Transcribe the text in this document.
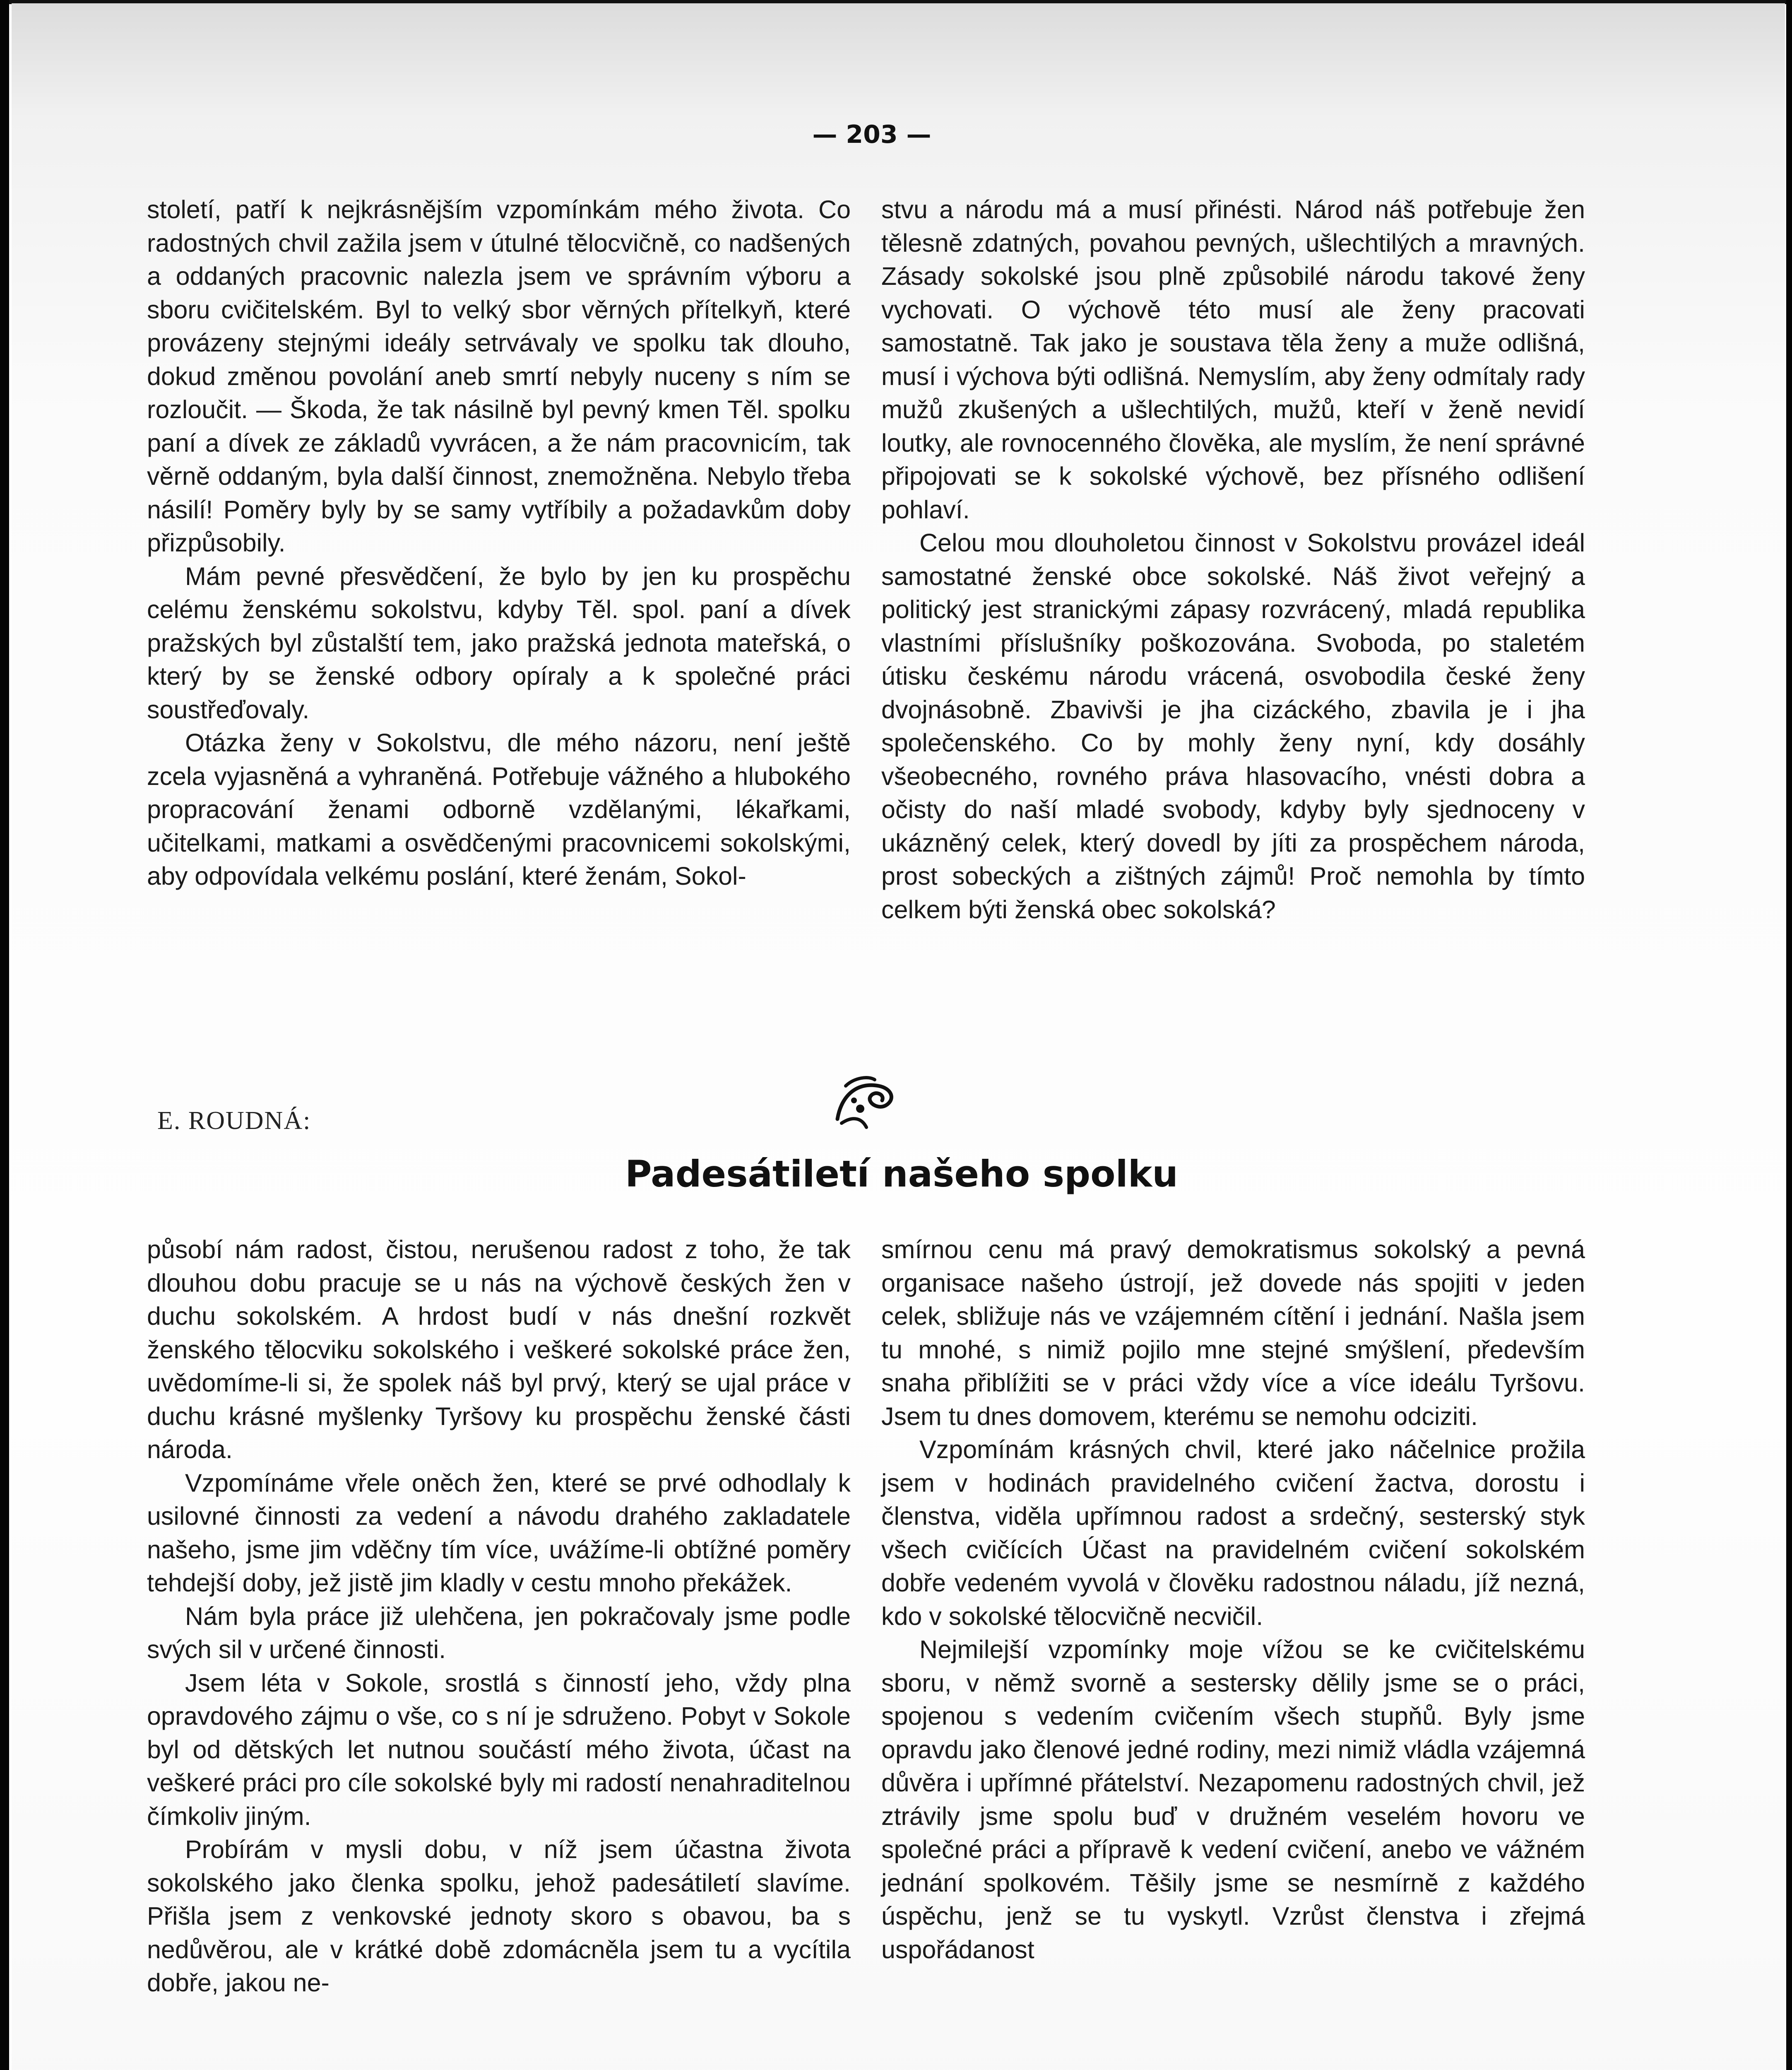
— 203 —

století, patří k nejkrásnějším vzpomínkám mého života. Co radostných chvil zažila jsem v útulné tělocvičně, co nadšených a oddaných pracovnic nalezla jsem ve správním výboru a sboru cvičitelském. Byl to velký sbor věrných přítelkyň, které provázeny stejnými ideály setrvávaly ve spolku tak dlouho, dokud změnou povolání aneb smrtí nebyly nuceny s ním se rozloučit. — Škoda, že tak násilně byl pevný kmen Těl. spolku paní a dívek ze základů vyvrácen, a že nám pracovnicím, tak věrně oddaným, byla další činnost, znemožněna. Nebylo třeba násilí! Poměry byly by se samy vytříbily a požadavkům doby přizpůsobily.

Mám pevné přesvědčení, že bylo by jen ku prospěchu celému ženskému sokolstvu, kdyby Těl. spol. paní a dívek pražských byl zůstalští tem, jako pražská jednota mateřská, o který by se ženské odbory opíraly a k společné práci soustřeďovaly.

Otázka ženy v Sokolstvu, dle mého názoru, není ještě zcela vyjasněná a vyhraněná. Potřebuje vážného a hlubokého propracování ženami odborně vzdělanými, lékařkami, učitelkami, matkami a osvědčenými pracovnicemi sokolskými, aby odpovídala velkému poslání, které ženám, Sokol-

stvu a národu má a musí přinésti. Národ náš potřebuje žen tělesně zdatných, povahou pevných, ušlechtilých a mravných. Zásady sokolské jsou plně způsobilé národu takové ženy vychovati. O výchově této musí ale ženy pracovati samostatně. Tak jako je soustava těla ženy a muže odlišná, musí i výchova býti odlišná. Nemyslím, aby ženy odmítaly rady mužů zkušených a ušlechtilých, mužů, kteří v ženě nevidí loutky, ale rovnocenného člověka, ale myslím, že není správné připojovati se k sokolské výchově, bez přísného odlišení pohlaví.

Celou mou dlouholetou činnost v Sokolstvu provázel ideál samostatné ženské obce sokolské. Náš život veřejný a politický jest stranickými zápasy rozvrácený, mladá republika vlastními příslušníky poškozována. Svoboda, po staletém útisku českému národu vrácená, osvobodila české ženy dvojnásobně. Zbavivši je jha cizáckého, zbavila je i jha společenského. Co by mohly ženy nyní, kdy dosáhly všeobecného, rovného práva hlasovacího, vnésti dobra a očisty do naší mladé svobody, kdyby byly sjednoceny v ukázněný celek, který dovedl by jíti za prospěchem národa, prost sobeckých a zištných zájmů! Proč nemohla by tímto celkem býti ženská obec sokolská?

E. ROUDNÁ:
Padesátiletí našeho spolku

působí nám radost, čistou, nerušenou radost z toho, že tak dlouhou dobu pracuje se u nás na výchově českých žen v duchu sokolském. A hrdost budí v nás dnešní rozkvět ženského tělocviku sokolského i veškeré sokolské práce žen, uvědomíme-li si, že spolek náš byl prvý, který se ujal práce v duchu krásné myšlenky Tyršovy ku prospěchu ženské části národa.

Vzpomínáme vřele oněch žen, které se prvé odhodlaly k usilovné činnosti za vedení a návodu drahého zakladatele našeho, jsme jim vděčny tím více, uvážíme-li obtížné poměry tehdejší doby, jež jistě jim kladly v cestu mnoho překážek.

Nám byla práce již ulehčena, jen pokračovaly jsme podle svých sil v určené činnosti.

Jsem léta v Sokole, srostlá s činností jeho, vždy plna opravdového zájmu o vše, co s ní je sdruženo. Pobyt v Sokole byl od dětských let nutnou součástí mého života, účast na veškeré práci pro cíle sokolské byly mi radostí nenahraditelnou čímkoliv jiným.

Probírám v mysli dobu, v níž jsem účastna života sokolského jako členka spolku, jehož padesátiletí slavíme. Přišla jsem z venkovské jednoty skoro s obavou, ba s nedůvěrou, ale v krátké době zdomácněla jsem tu a vycítila dobře, jakou ne-

smírnou cenu má pravý demokratismus sokolský a pevná organisace našeho ústrojí, jež dovede nás spojiti v jeden celek, sbližuje nás ve vzájemném cítění i jednání. Našla jsem tu mnohé, s nimiž pojilo mne stejné smýšlení, především snaha přiblížiti se v práci vždy více a více ideálu Tyršovu. Jsem tu dnes domovem, kterému se nemohu odciziti.

Vzpomínám krásných chvil, které jako náčelnice prožila jsem v hodinách pravidelného cvičení žactva, dorostu i členstva, viděla upřímnou radost a srdečný, sesterský styk všech cvičících Účast na pravidelném cvičení sokolském dobře vedeném vyvolá v člověku radostnou náladu, jíž nezná, kdo v sokolské tělocvičně necvičil.

Nejmilejší vzpomínky moje vížou se ke cvičitelskému sboru, v němž svorně a sestersky dělily jsme se o práci, spojenou s vedením cvičením všech stupňů. Byly jsme opravdu jako členové jedné rodiny, mezi nimiž vládla vzájemná důvěra i upřímné přátelství. Nezapomenu radostných chvil, jež ztrávily jsme spolu buď v družném veselém hovoru ve společné práci a přípravě k vedení cvičení, anebo ve vážném jednání spolkovém. Těšily jsme se nesmírně z každého úspěchu, jenž se tu vyskytl. Vzrůst členstva i zřejmá uspořádanost
